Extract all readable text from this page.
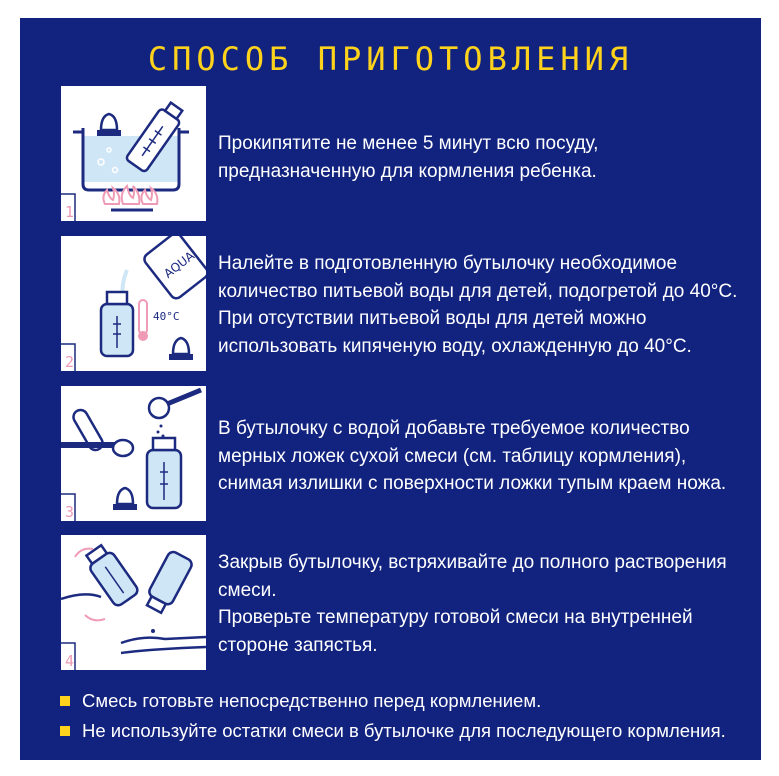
СПОСОБ ПРИГОТОВЛЕНИЯ
1

Прокипятите не менее 5 минут всю посуду,

предназначенную для кормления ребенка.

AQUA
40°C
2

Налейте в подготовленную бутылочку необходимое

количество питьевой воды для детей, подогретой до 40°С.

При отсутствии питьевой воды для детей можно

использовать кипяченую воду, охлажденную до 40°С.

3

В бутылочку с водой добавьте требуемое количество

мерных ложек сухой смеси (см. таблицу кормления),

снимая излишки с поверхности ложки тупым краем ножа.

4

Закрыв бутылочку, встряхивайте до полного растворения

смеси.

Проверьте температуру готовой смеси на внутренней

стороне запястья.

Смесь готовьте непосредственно перед кормлением.
Не используйте остатки смеси в бутылочке для последующего кормления.
